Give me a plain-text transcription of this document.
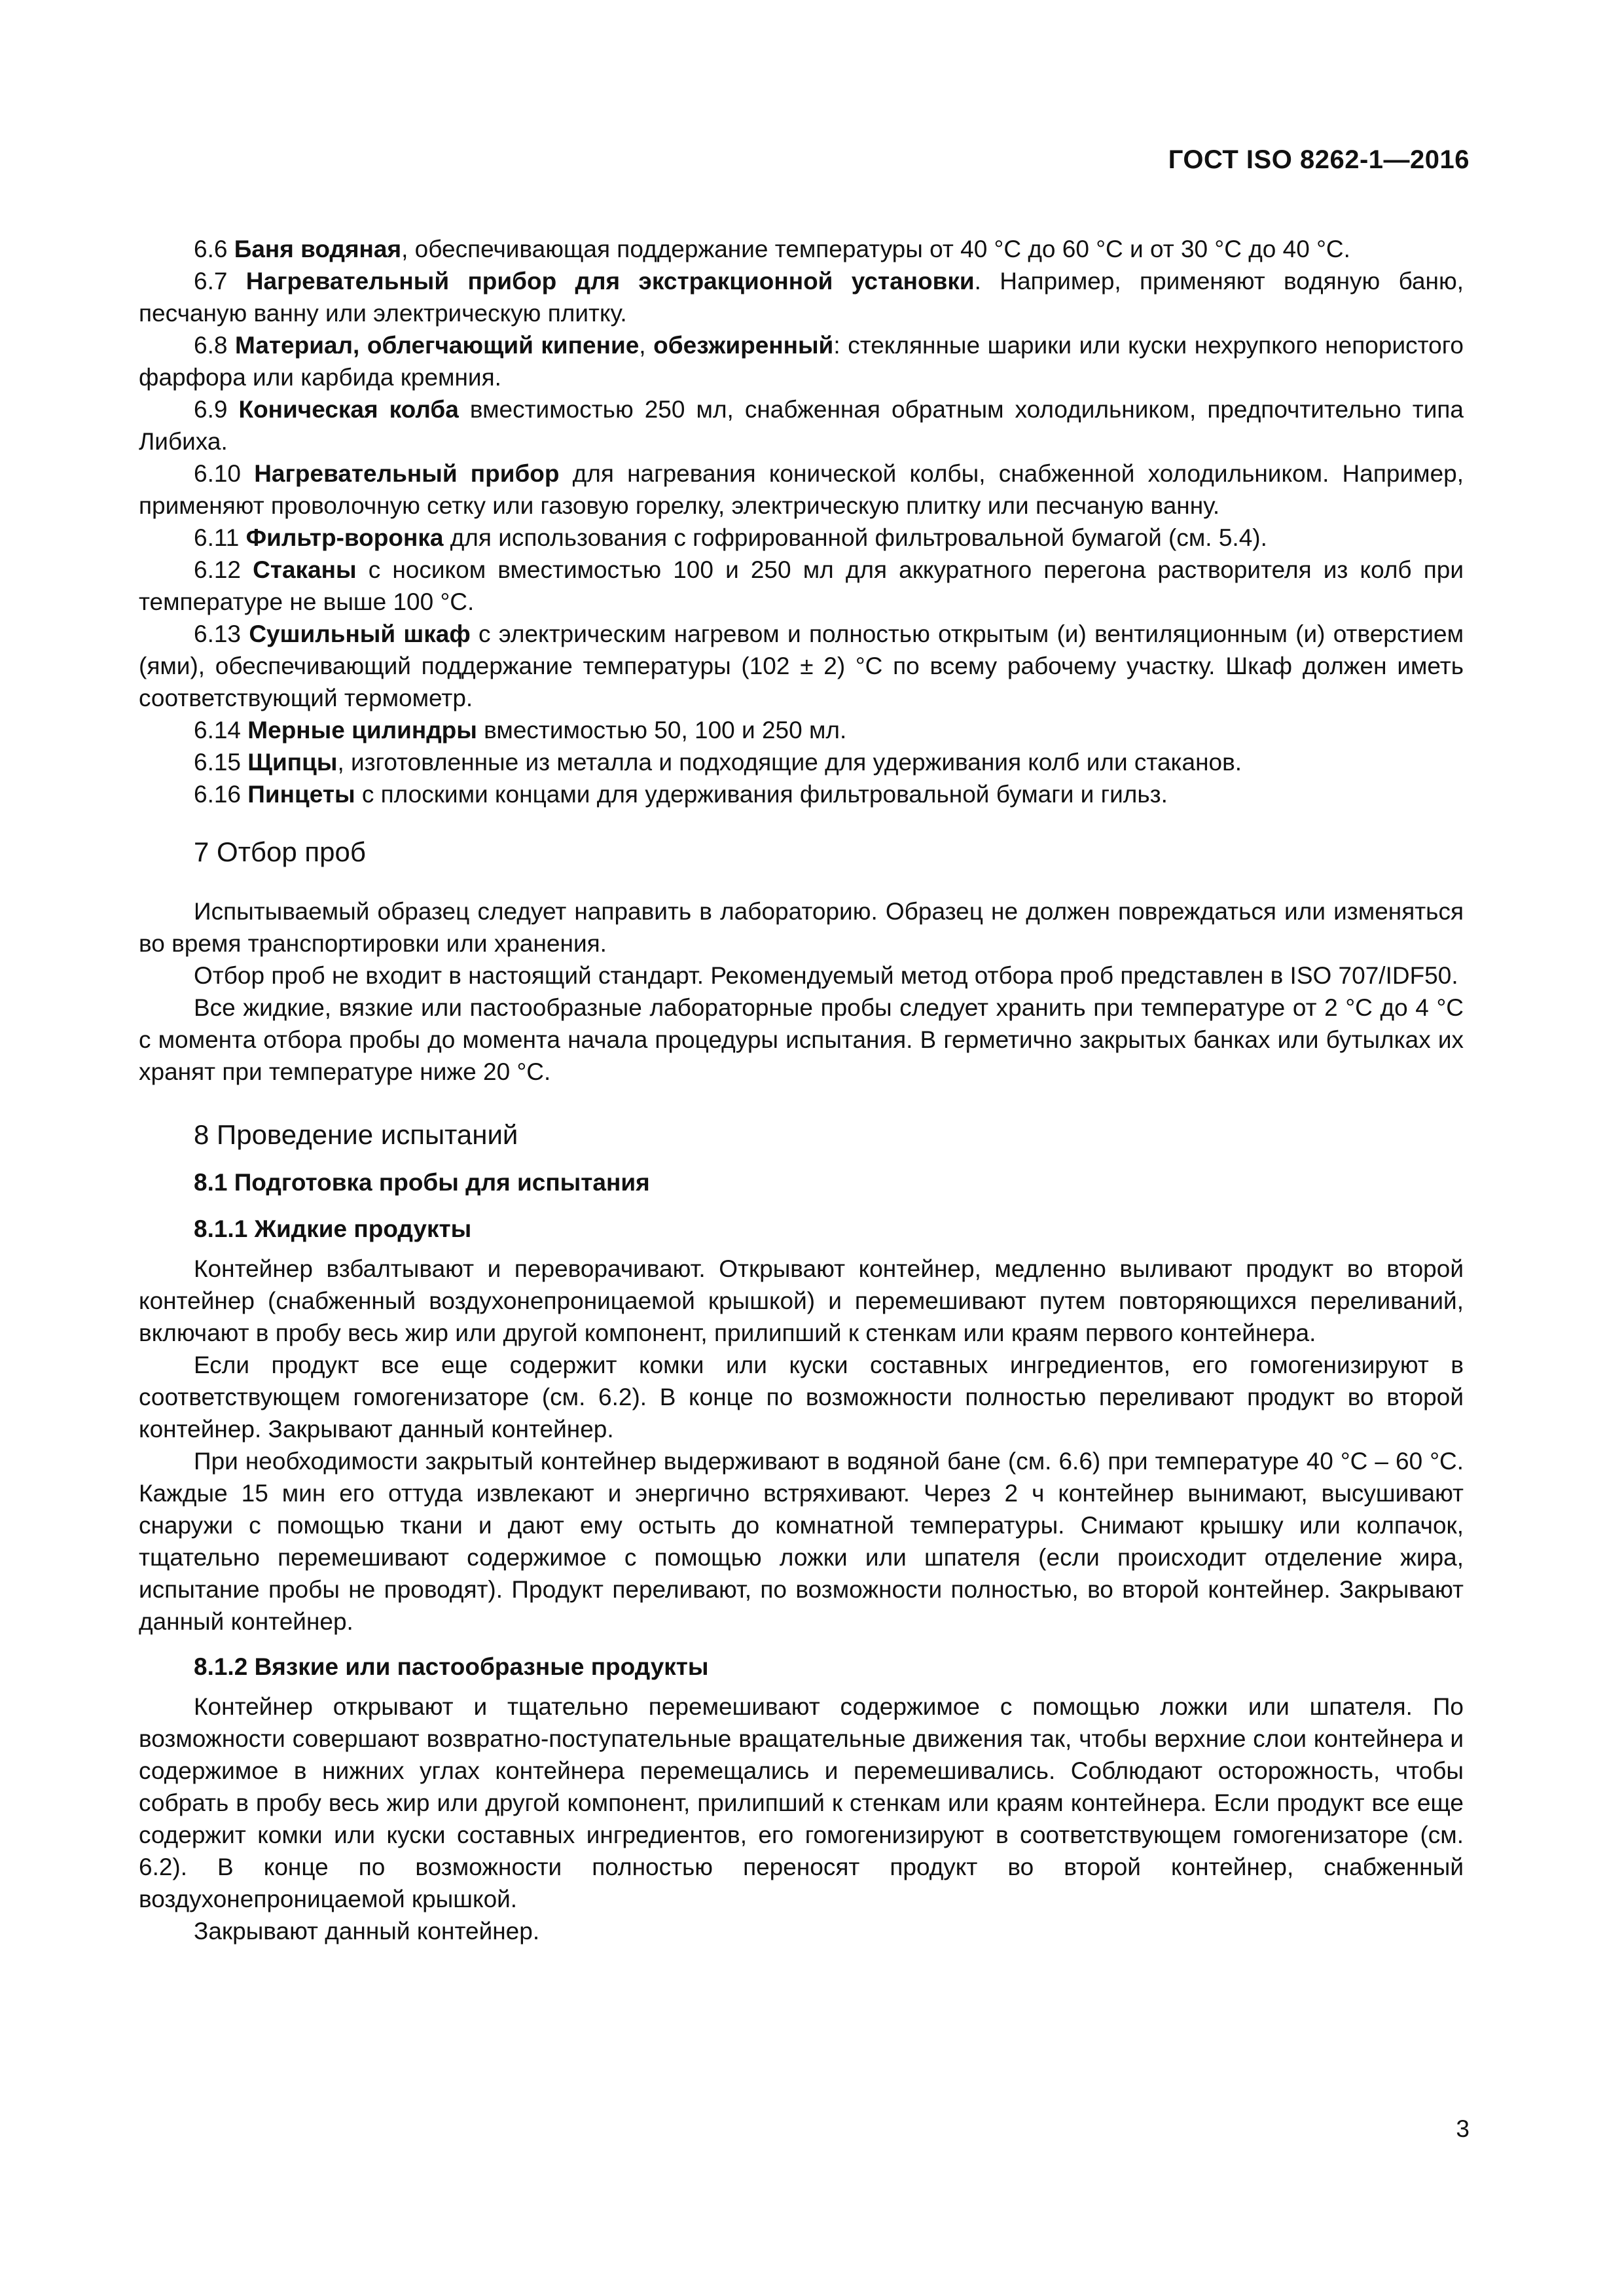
ГОСТ ISO 8262-1—2016

6.6 Баня водяная, обеспечивающая поддержание температуры от 40 °C до 60 °C и от 30 °C до 40 °C.

6.7 Нагревательный прибор для экстракционной установки. Например, применяют водяную баню, песчаную ванну или электрическую плитку.

6.8 Материал, облегчающий кипение, обезжиренный: стеклянные шарики или куски нехрупкого непористого фарфора или карбида кремния.

6.9 Коническая колба вместимостью 250 мл, снабженная обратным холодильником, предпочтительно типа Либиха.

6.10 Нагревательный прибор для нагревания конической колбы, снабженной холодильником. Например, применяют проволочную сетку или газовую горелку, электрическую плитку или песчаную ванну.

6.11 Фильтр-воронка для использования с гофрированной фильтровальной бумагой (см. 5.4).

6.12 Стаканы с носиком вместимостью 100 и 250 мл для аккуратного перегона растворителя из колб при температуре не выше 100 °C.

6.13 Сушильный шкаф с электрическим нагревом и полностью открытым (и) вентиляционным (и) отверстием (ями), обеспечивающий поддержание температуры (102 ± 2) °C по всему рабочему участку. Шкаф должен иметь соответствующий термометр.

6.14 Мерные цилиндры вместимостью 50, 100 и 250 мл.

6.15 Щипцы, изготовленные из металла и подходящие для удерживания колб или стаканов.

6.16 Пинцеты с плоскими концами для удерживания фильтровальной бумаги и гильз.

7 Отбор проб

Испытываемый образец следует направить в лабораторию. Образец не должен повреждаться или изменяться во время транспортировки или хранения.

Отбор проб не входит в настоящий стандарт. Рекомендуемый метод отбора проб представлен в ISO 707/IDF50.

Все жидкие, вязкие или пастообразные лабораторные пробы следует хранить при температуре от 2 °C до 4 °C с момента отбора пробы до момента начала процедуры испытания. В герметично закрытых банках или бутылках их хранят при температуре ниже 20 °C.

8 Проведение испытаний
8.1 Подготовка пробы для испытания
8.1.1 Жидкие продукты

Контейнер взбалтывают и переворачивают. Открывают контейнер, медленно выливают продукт во второй контейнер (снабженный воздухонепроницаемой крышкой) и перемешивают путем повторяющихся переливаний, включают в пробу весь жир или другой компонент, прилипший к стенкам или краям первого контейнера.

Если продукт все еще содержит комки или куски составных ингредиентов, его гомогенизируют в соответствующем гомогенизаторе (см. 6.2). В конце по возможности полностью переливают продукт во второй контейнер. Закрывают данный контейнер.

При необходимости закрытый контейнер выдерживают в водяной бане (см. 6.6) при температуре 40 °C – 60 °C. Каждые 15 мин его оттуда извлекают и энергично встряхивают. Через 2 ч контейнер вынимают, высушивают снаружи с помощью ткани и дают ему остыть до комнатной температуры. Снимают крышку или колпачок, тщательно перемешивают содержимое с помощью ложки или шпателя (если происходит отделение жира, испытание пробы не проводят). Продукт переливают, по возможности полностью, во второй контейнер. Закрывают данный контейнер.

8.1.2 Вязкие или пастообразные продукты

Контейнер открывают и тщательно перемешивают содержимое с помощью ложки или шпателя. По возможности совершают возвратно-поступательные вращательные движения так, чтобы верхние слои контейнера и содержимое в нижних углах контейнера перемещались и перемешивались. Соблюдают осторожность, чтобы собрать в пробу весь жир или другой компонент, прилипший к стенкам или краям контейнера. Если продукт все еще содержит комки или куски составных ингредиентов, его гомогенизируют в соответствующем гомогенизаторе (см. 6.2). В конце по возможности полностью переносят продукт во второй контейнер, снабженный воздухонепроницаемой крышкой.

Закрывают данный контейнер.

3
